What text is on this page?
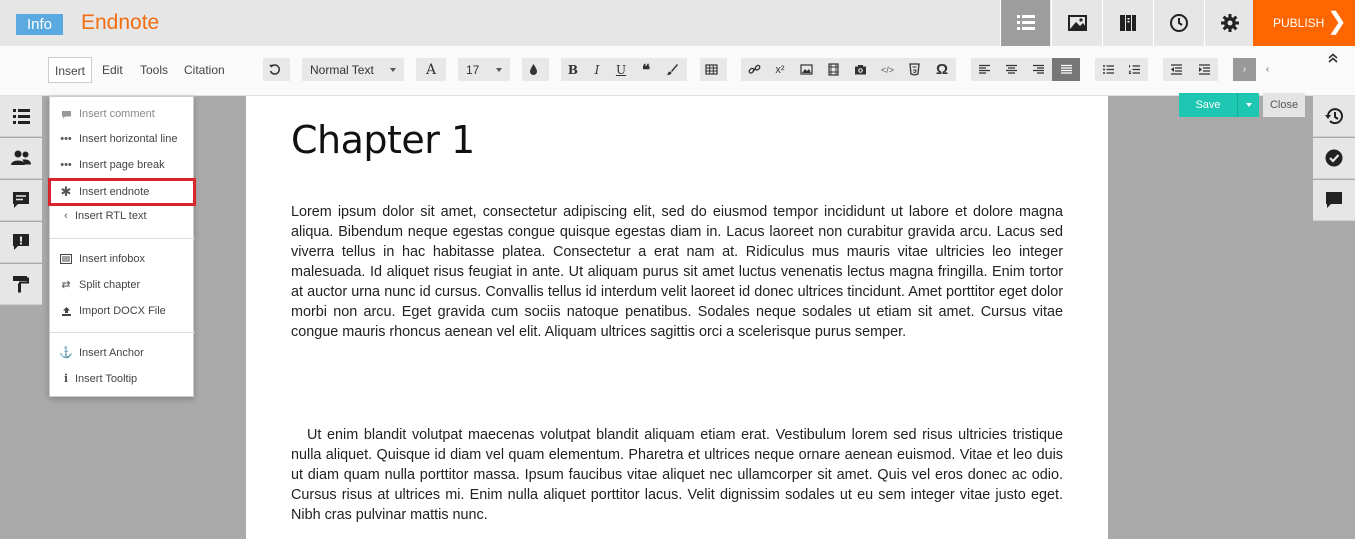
Info	Endnote	PUBLISH ❯
Insert	Edit	Tools	Citation	Normal Text	A	17	B	I	U	❝	x²	</>	Ω	› ‹
Chapter 1

Lorem ipsum dolor sit amet, consectetur adipiscing elit, sed do eiusmod tempor incididunt ut labore et dolore magna aliqua. Bibendum neque egestas congue quisque egestas diam in. Lacus laoreet non curabitur gravida arcu. Lacus sed viverra tellus in hac habitasse platea. Consectetur a erat nam at. Ridiculus mus mauris vitae ultricies leo integer malesuada. Id aliquet risus feugiat in ante. Ut aliquam purus sit amet luctus venenatis lectus magna fringilla. Enim tortor at auctor urna nunc id cursus. Convallis tellus id interdum velit laoreet id donec ultrices tincidunt. Amet porttitor eget dolor morbi non arcu. Eget gravida cum sociis natoque penatibus. Sodales neque sodales ut etiam sit amet. Cursus vitae congue mauris rhoncus aenean vel elit. Aliquam ultrices sagittis orci a scelerisque purus semper.

Ut enim blandit volutpat maecenas volutpat blandit aliquam etiam erat. Vestibulum lorem sed risus ultricies tristique nulla aliquet. Quisque id diam vel quam elementum. Pharetra et ultrices neque ornare aenean euismod. Vitae et leo duis ut diam quam nulla porttitor massa. Ipsum faucibus vitae aliquet nec ullamcorper sit amet. Quis vel eros donec ac odio. Cursus risus at ultrices mi. Enim nulla aliquet porttitor lacus. Velit dignissim sodales ut eu sem integer vitae justo eget. Nibh cras pulvinar mattis nunc.

Save	Close
Insert comment
••• Insert horizontal line
••• Insert page break
✱ Insert endnote
‹ Insert RTL text
Insert infobox
⇄ Split chapter
Import DOCX File
⚓ Insert Anchor
i Insert Tooltip
